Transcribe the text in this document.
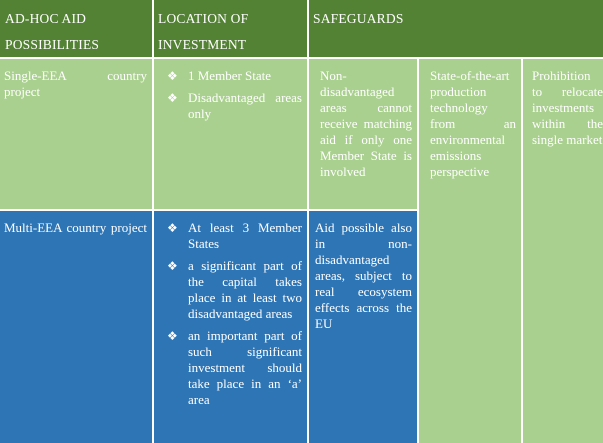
AD-HOC AID POSSIBILITIES
LOCATION OF INVESTMENT
SAFEGUARDS
Single-EEA country project
❖ 1 Member State
❖ Disadvantaged areas only
Non-disadvantaged areas cannot receive matching aid if only one Member State is involved
State-of-the-art production technology from an environmental emissions perspective
Prohibition to relocate investments within the single market
Multi-EEA country project	❖ At least 3 Member States
❖ a significant part of the capital takes place in at least two disadvantaged areas
❖ an important part of such significant investment should take place in an ‘a’ area
Aid possible also in non-disadvantaged areas, subject to real ecosystem effects across the EU
